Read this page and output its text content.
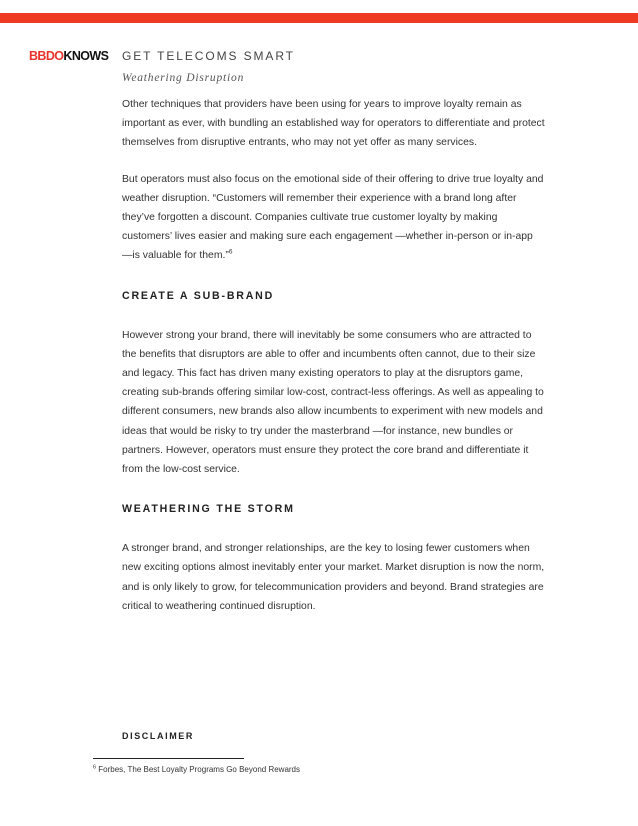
BBDOKNOWS GET TELECOMS SMART
Weathering Disruption

Other techniques that providers have been using for years to improve loyalty remain as important as ever, with bundling an established way for operators to differentiate and protect themselves from disruptive entrants, who may not yet offer as many services.

But operators must also focus on the emotional side of their offering to drive true loyalty and weather disruption. “Customers will remember their experience with a brand long after they’ve forgotten a discount. Companies cultivate true customer loyalty by making customers’ lives easier and making sure each engagement —whether in-person or in-app —is valuable for them.”$^6$

CREATE A SUB-BRAND

However strong your brand, there will inevitably be some consumers who are attracted to the benefits that disruptors are able to offer and incumbents often cannot, due to their size and legacy. This fact has driven many existing operators to play at the disruptors game, creating sub-brands offering similar low-cost, contract-less offerings. As well as appealing to different consumers, new brands also allow incumbents to experiment with new models and ideas that would be risky to try under the masterbrand —for instance, new bundles or partners. However, operators must ensure they protect the core brand and differentiate it from the low-cost service.

WEATHERING THE STORM

A stronger brand, and stronger relationships, are the key to losing fewer customers when new exciting options almost inevitably enter your market. Market disruption is now the norm, and is only likely to grow, for telecommunication providers and beyond. Brand strategies are critical to weathering continued disruption.

DISCLAIMER
$^6$ Forbes, The Best Loyalty Programs Go Beyond Rewards
